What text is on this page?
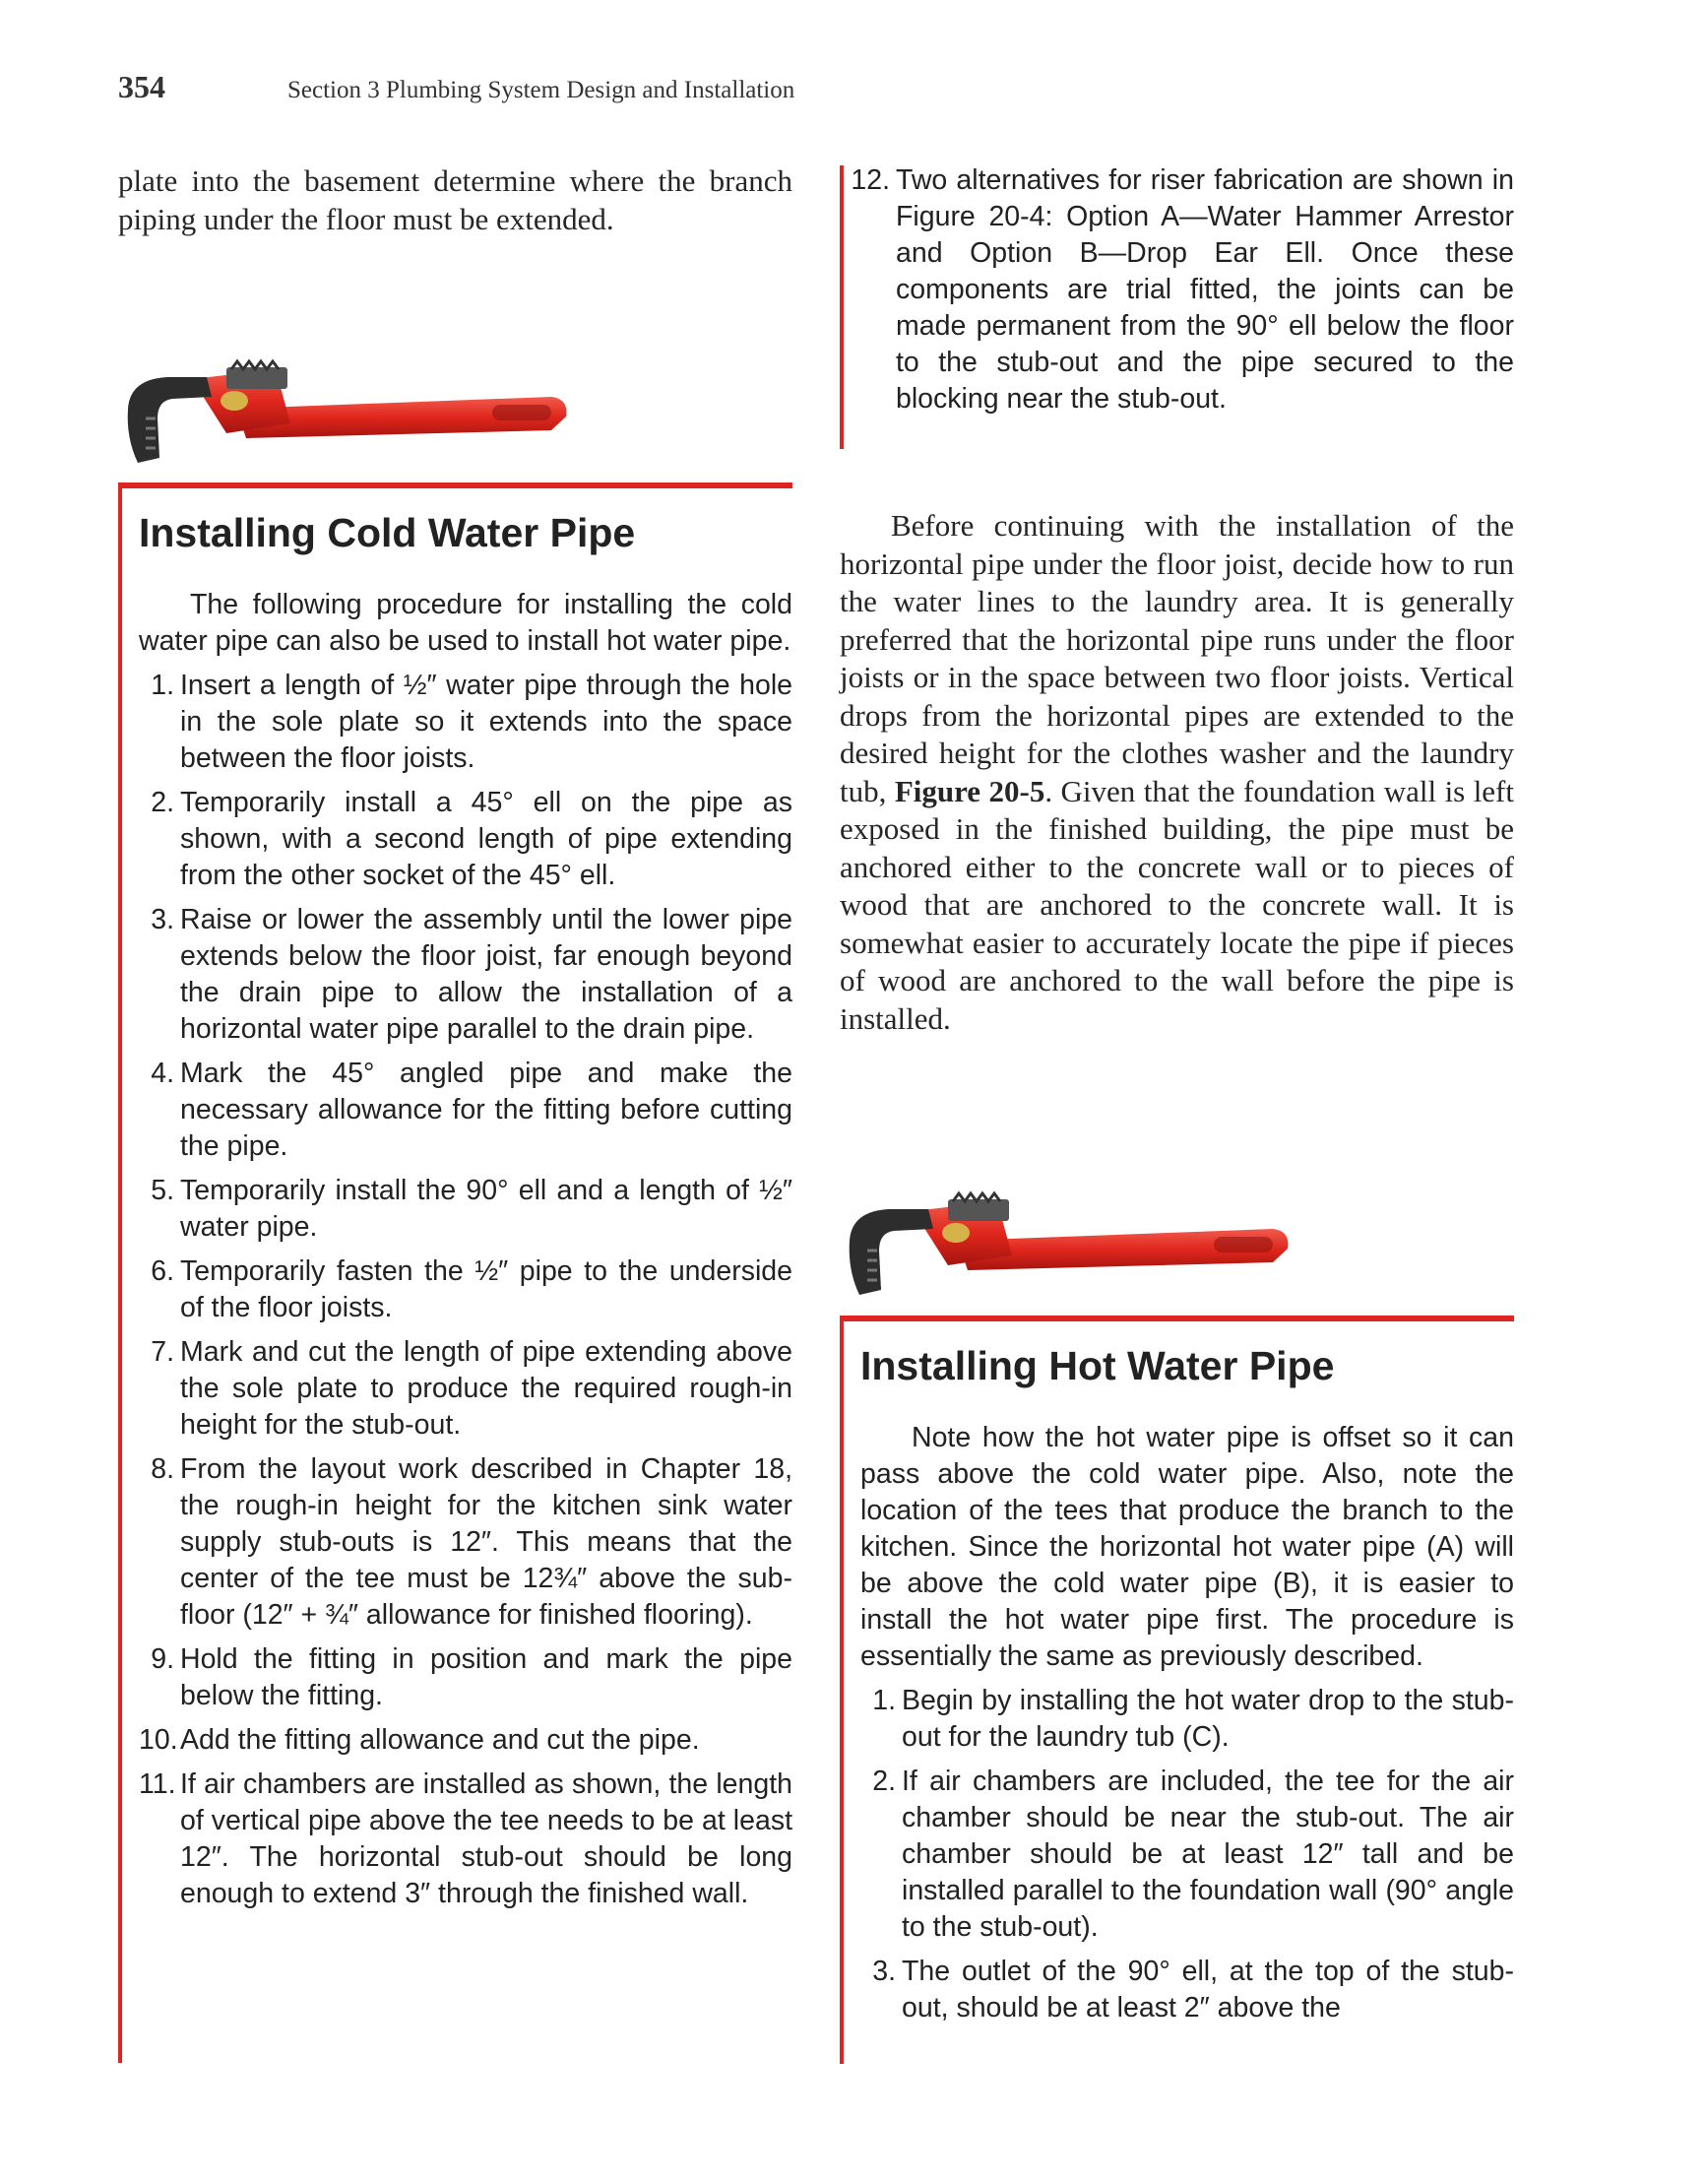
354	Section 3 Plumbing System Design and Installation

plate into the basement determine where the branch piping under the floor must be extended.

Installing Cold Water Pipe

The following procedure for installing the cold water pipe can also be used to install hot water pipe.

1. Insert a length of ½″ water pipe through the hole in the sole plate so it extends into the space between the floor joists.
2. Temporarily install a 45° ell on the pipe as shown, with a second length of pipe extending from the other socket of the 45° ell.
3. Raise or lower the assembly until the lower pipe extends below the floor joist, far enough beyond the drain pipe to allow the installation of a horizontal water pipe parallel to the drain pipe.
4. Mark the 45° angled pipe and make the necessary allowance for the fitting before cutting the pipe.
5. Temporarily install the 90° ell and a length of ½″ water pipe.
6. Temporarily fasten the ½″ pipe to the underside of the floor joists.
7. Mark and cut the length of pipe extending above the sole plate to produce the required rough-in height for the stub-out.
8. From the layout work described in Chapter 18, the rough-in height for the kitchen sink water supply stub-outs is 12″. This means that the center of the tee must be 12¾″ above the sub-floor (12″ + ¾″ allowance for finished flooring).
9. Hold the fitting in position and mark the pipe below the fitting.
10. Add the fitting allowance and cut the pipe.
11. If air chambers are installed as shown, the length of vertical pipe above the tee needs to be at least 12″. The horizontal stub-out should be long enough to extend 3″ through the finished wall.
12. Two alternatives for riser fabrication are shown in Figure 20-4: Option A—Water Hammer Arrestor and Option B—Drop Ear Ell. Once these components are trial fitted, the joints can be made permanent from the 90° ell below the floor to the stub-out and the pipe secured to the blocking near the stub-out.

Before continuing with the installation of the horizontal pipe under the floor joist, decide how to run the water lines to the laundry area. It is generally preferred that the horizontal pipe runs under the floor joists or in the space between two floor joists. Vertical drops from the horizontal pipes are extended to the desired height for the clothes washer and the laundry tub, Figure 20-5. Given that the foundation wall is left exposed in the finished building, the pipe must be anchored either to the concrete wall or to pieces of wood that are anchored to the concrete wall. It is somewhat easier to accurately locate the pipe if pieces of wood are anchored to the wall before the pipe is installed.

Installing Hot Water Pipe

Note how the hot water pipe is offset so it can pass above the cold water pipe. Also, note the location of the tees that produce the branch to the kitchen. Since the horizontal hot water pipe (A) will be above the cold water pipe (B), it is easier to install the hot water pipe first. The procedure is essentially the same as previously described.

1. Begin by installing the hot water drop to the stub-out for the laundry tub (C).
2. If air chambers are included, the tee for the air chamber should be near the stub-out. The air chamber should be at least 12″ tall and be installed parallel to the foundation wall (90° angle to the stub-out).
3. The outlet of the 90° ell, at the top of the stub-out, should be at least 2″ above the
